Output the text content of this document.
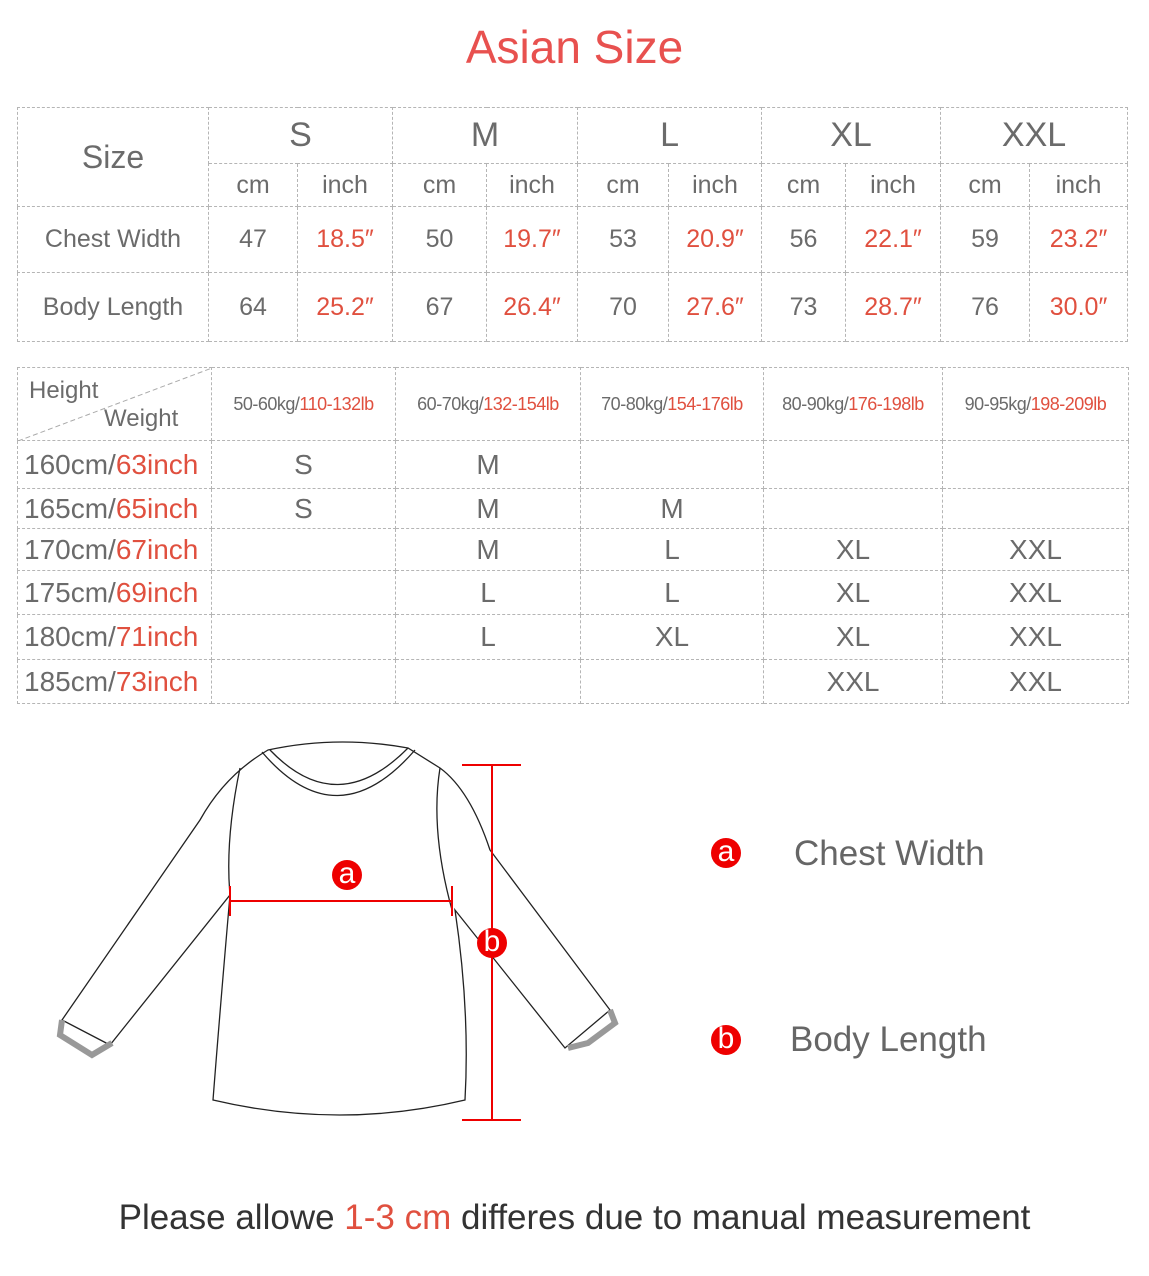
Asian Size
Size	S		M		L		XL		XXL	
	cm	inch	cm	inch	cm	inch	cm	inch	cm	inch
Chest Width	47	18.5″	50	19.7″	53	20.9″	56	22.1″	59	23.2″
Body Length	64	25.2″	67	26.4″	70	27.6″	73	28.7″	76	30.0″
Height
Weight	50-60kg/110-132lb	60-70kg/132-154lb	70-80kg/154-176lb	80-90kg/176-198lb	90-95kg/198-209lb
160cm/63inch	S	M			
165cm/65inch	S	M	M		
170cm/67inch		M	L	XL	XXL
175cm/69inch		L	L	XL	XXL
180cm/71inch		L	XL	XL	XXL
185cm/73inch				XXL	XXL
a
b
a Chest Width
b Body Length
Please allowe 1-3 cm differes due to manual measurement
